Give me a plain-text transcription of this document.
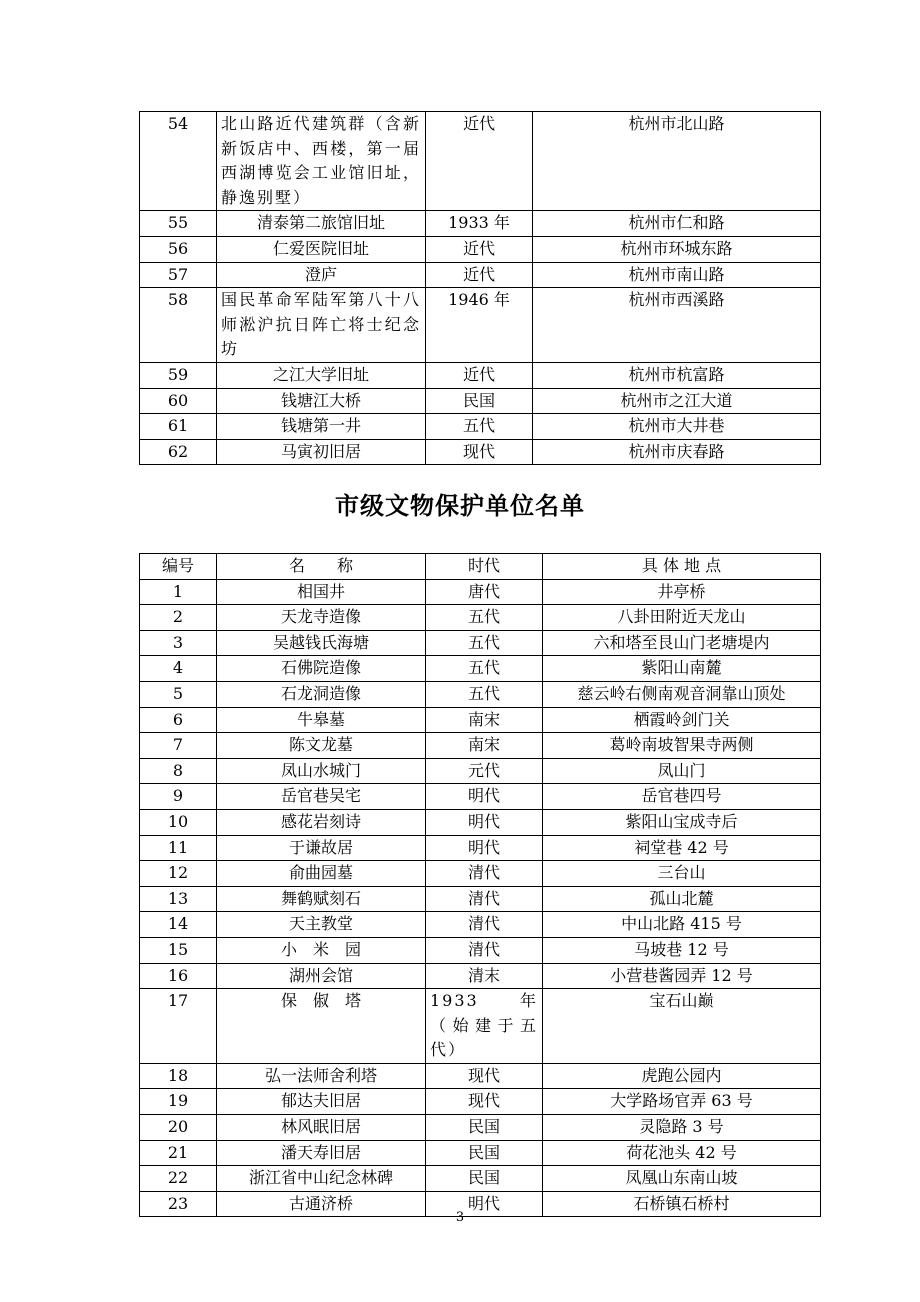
54	北山路近代建筑群（含新新饭店中、西楼，第一届西湖博览会工业馆旧址，静逸别墅）	近代	杭州市北山路
55	清泰第二旅馆旧址	1933 年	杭州市仁和路
56	仁爱医院旧址	近代	杭州市环城东路
57	澄庐	近代	杭州市南山路
58	国民革命军陆军第八十八师淞沪抗日阵亡将士纪念坊	1946 年	杭州市西溪路
59	之江大学旧址	近代	杭州市杭富路
60	钱塘江大桥	民国	杭州市之江大道
61	钱塘第一井	五代	杭州市大井巷
62	马寅初旧居	现代	杭州市庆春路
市级文物保护单位名单
编号	名　　称	时代	具 体 地 点
1	相国井	唐代	井亭桥
2	天龙寺造像	五代	八卦田附近天龙山
3	吴越钱氏海塘	五代	六和塔至艮山门老塘堤内
4	石佛院造像	五代	紫阳山南麓
5	石龙洞造像	五代	慈云岭右侧南观音洞靠山顶处
6	牛皋墓	南宋	栖霞岭剑门关
7	陈文龙墓	南宋	葛岭南坡智果寺两侧
8	凤山水城门	元代	凤山门
9	岳官巷吴宅	明代	岳官巷四号
10	感花岩刻诗	明代	紫阳山宝成寺后
11	于谦故居	明代	祠堂巷 42 号
12	俞曲园墓	清代	三台山
13	舞鹤赋刻石	清代	孤山北麓
14	天主教堂	清代	中山北路 415 号
15	小　米　园	清代	马坡巷 12 号
16	湖州会馆	清末	小营巷酱园弄 12 号
17	保　俶　塔	1933 年（始建于五代）	宝石山巅
18	弘一法师舍利塔	现代	虎跑公园内
19	郁达夫旧居	现代	大学路场官弄 63 号
20	林风眠旧居	民国	灵隐路 3 号
21	潘天寿旧居	民国	荷花池头 42 号
22	浙江省中山纪念林碑	民国	凤凰山东南山坡
23	古通济桥	明代	石桥镇石桥村
3
